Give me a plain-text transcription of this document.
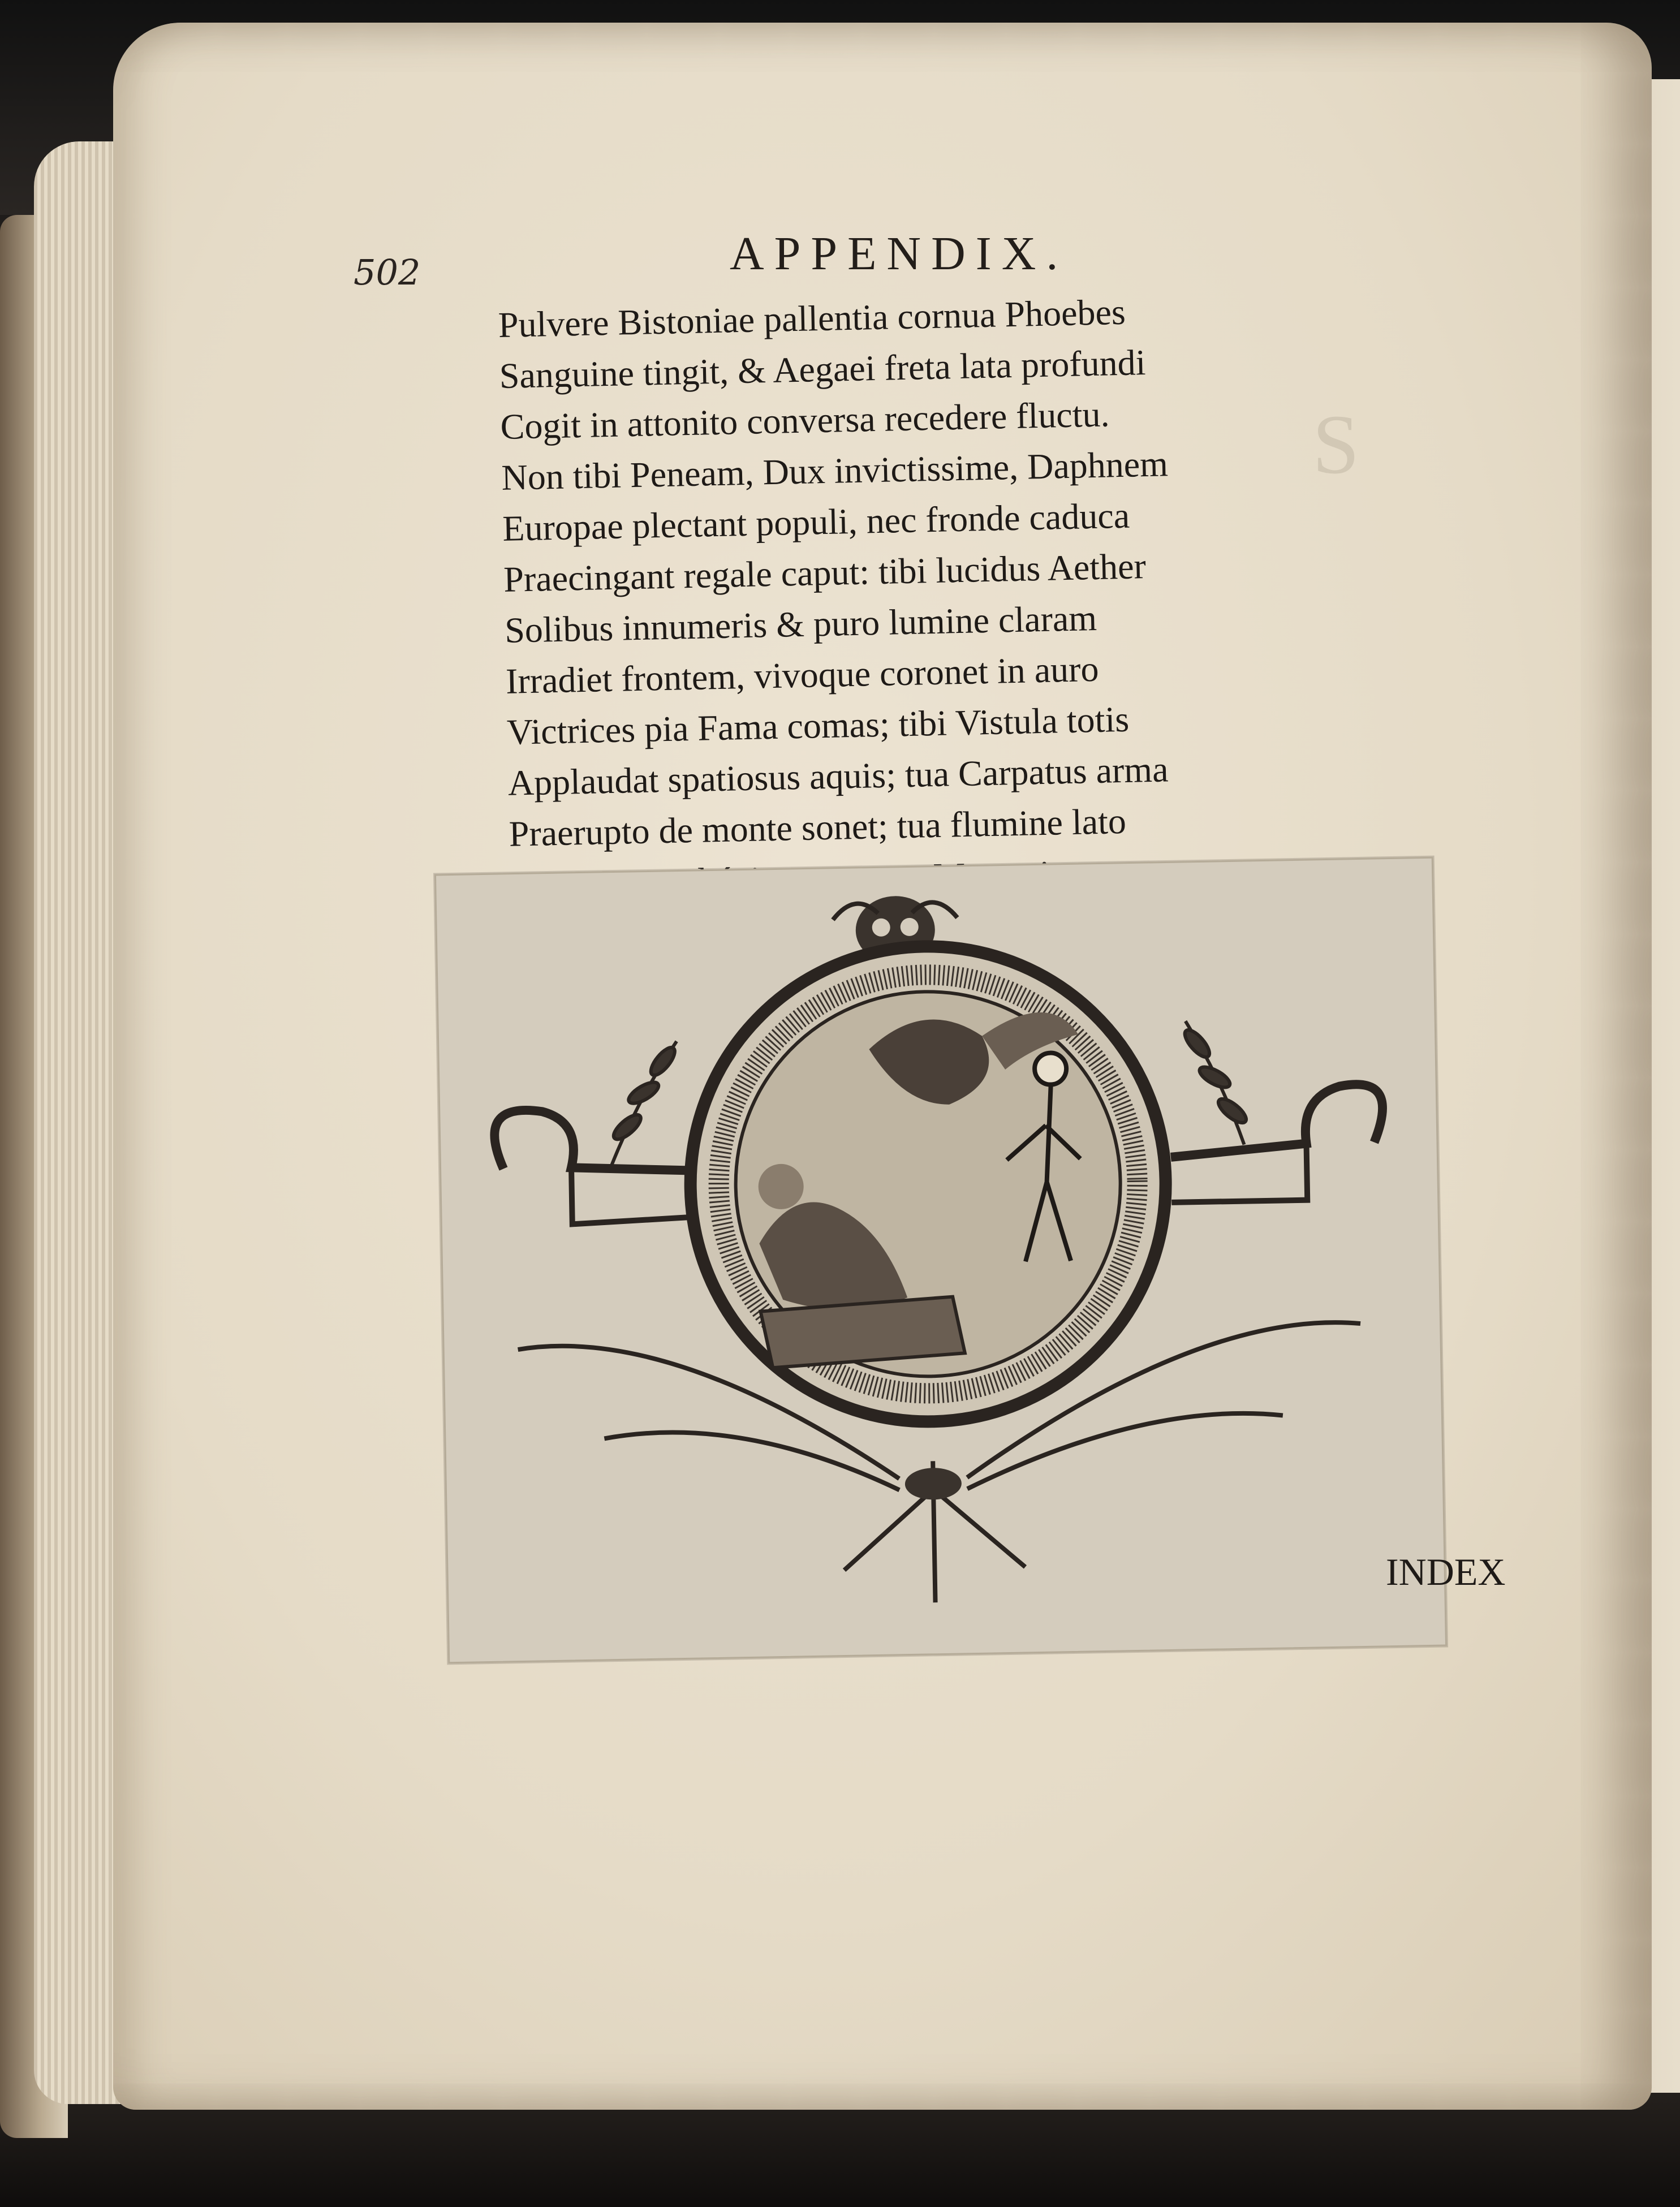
S
502	APPENDIX.
Pulvere Bistoniae pallentia cornua Phoebes
Sanguine tingit, & Aegaei freta lata profundi
Cogit in attonito conversa recedere fluctu.
Non tibi Peneam, Dux invictissime, Daphnem
Europae plectant populi, nec fronde caduca
Praecingant regale caput: tibi lucidus Aether
Solibus innumeris & puro lumine claram
Irradiet frontem, vivoque coronet in auro
Victrices pia Fama comas; tibi Vistula totis
Applaudat spatiosus aquis; tua Carpatus arma
Praerupto de monte sonet; tua flumine lato
INDEX
